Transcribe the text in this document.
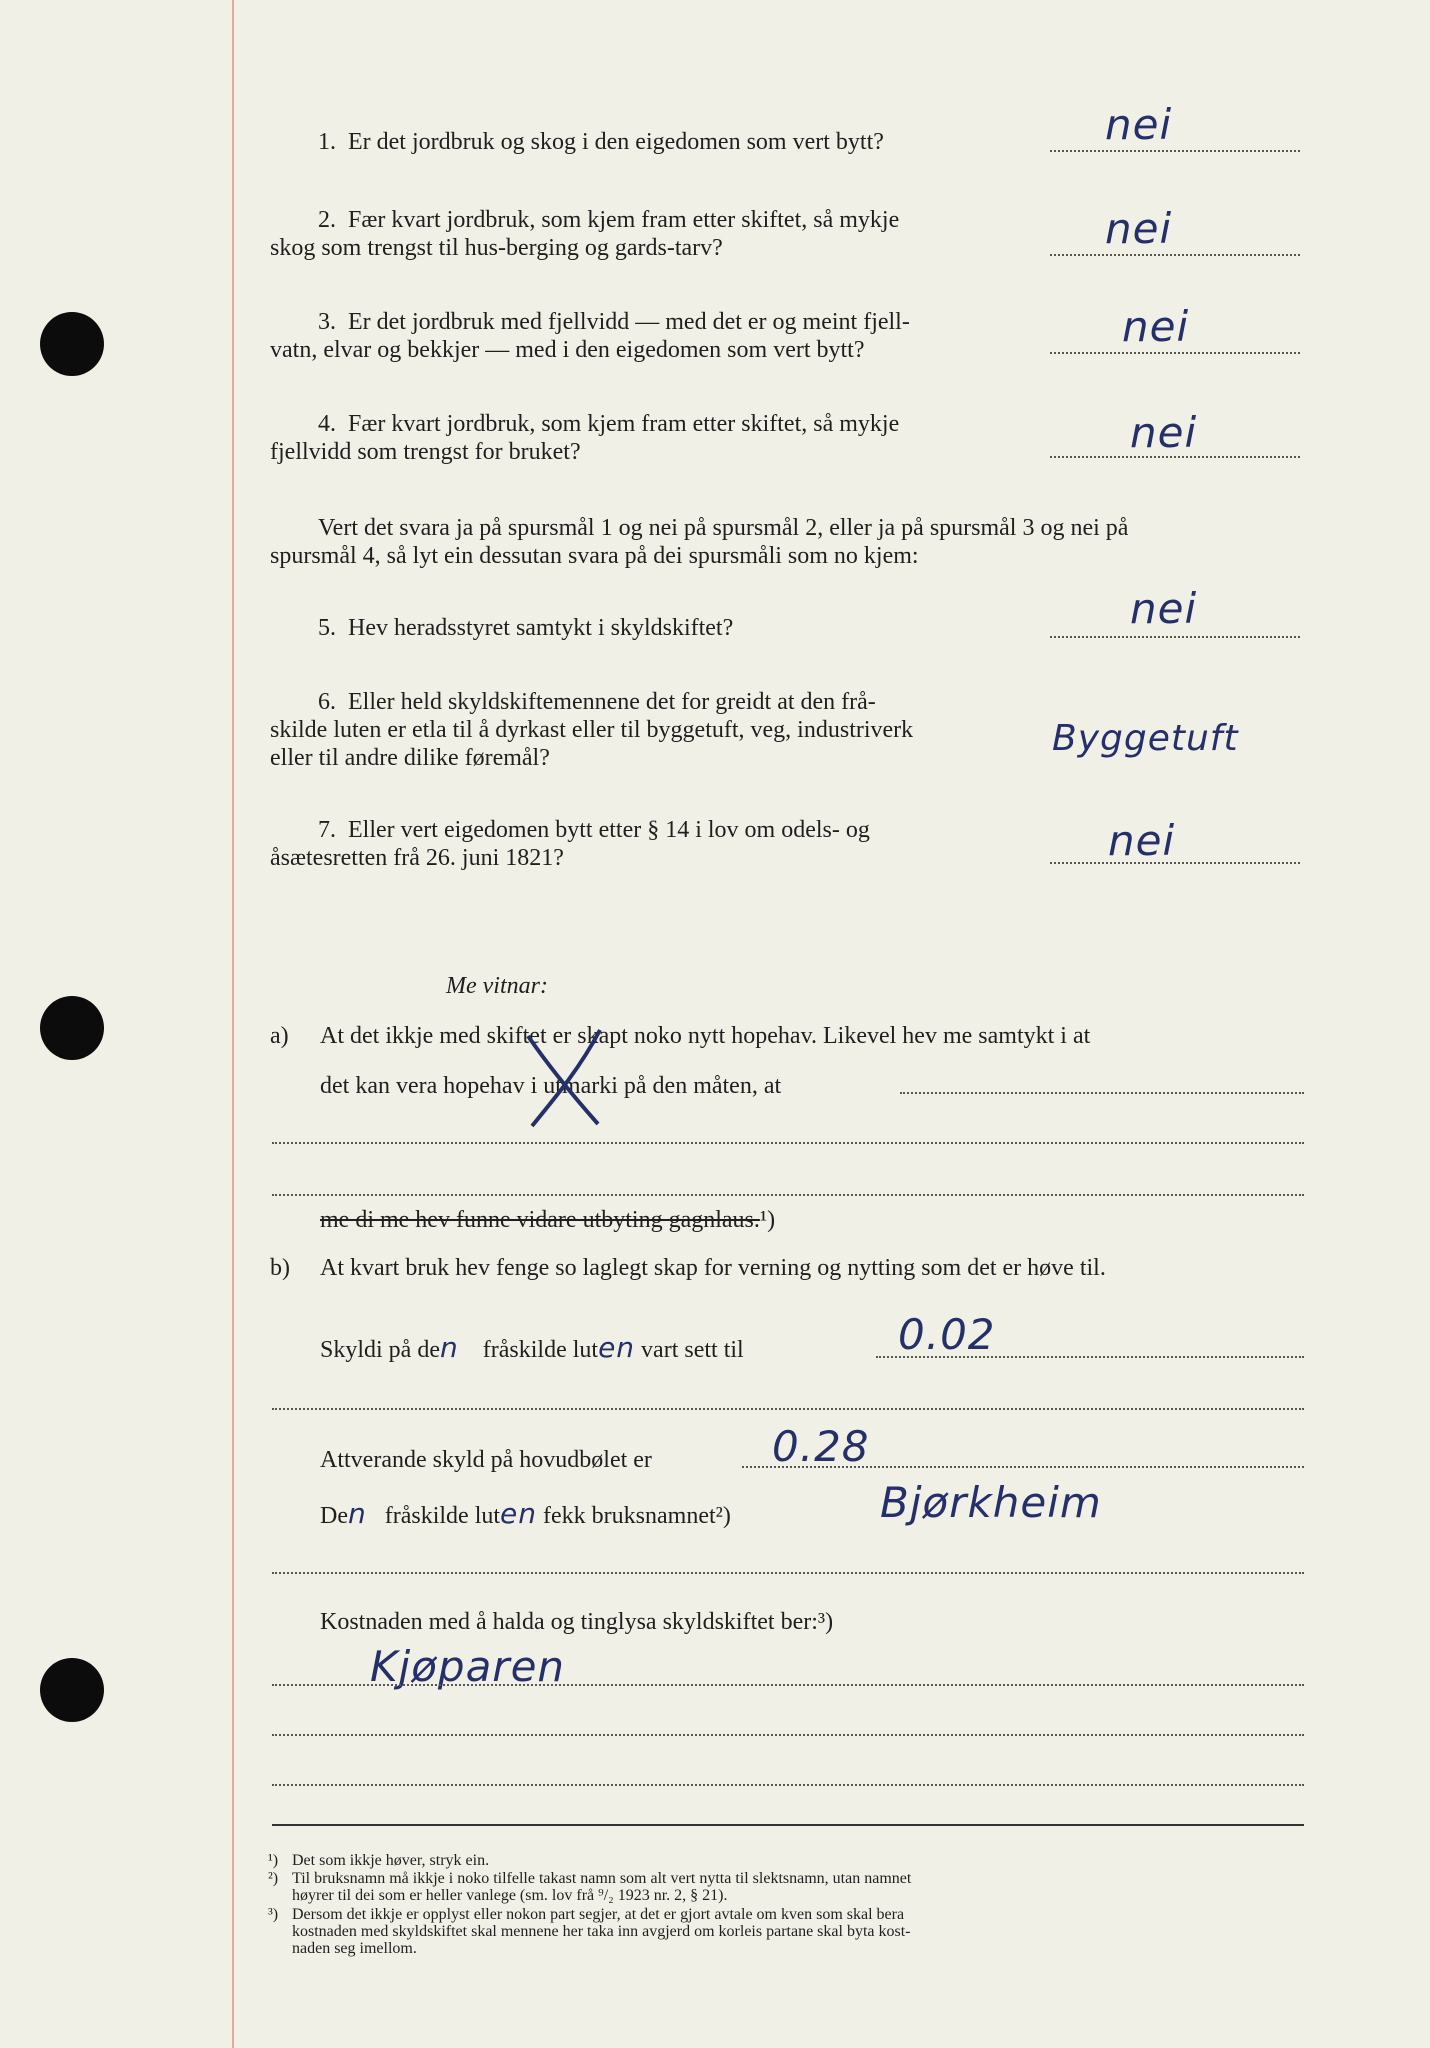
1. Er det jordbruk og skog i den eigedomen som vert bytt?	nei
2. Fær kvart jordbruk, som kjem fram etter skiftet, så mykje
skog som trengst til hus-berging og gards-tarv?	nei
3. Er det jordbruk med fjellvidd — med det er og meint fjell-
vatn, elvar og bekkjer — med i den eigedomen som vert bytt?	nei
4. Fær kvart jordbruk, som kjem fram etter skiftet, så mykje
fjellvidd som trengst for bruket?	nei
Vert det svara ja på spursmål 1 og nei på spursmål 2, eller ja på spursmål 3 og nei på
spursmål 4, så lyt ein dessutan svara på dei spursmåli som no kjem:
5. Hev heradsstyret samtykt i skyldskiftet?	nei
6. Eller held skyldskiftemennene det for greidt at den frå-
skilde luten er etla til å dyrkast eller til byggetuft, veg, industriverk
eller til andre dilike føremål?	Byggetuft
7. Eller vert eigedomen bytt etter § 14 i lov om odels- og
åsætesretten frå 26. juni 1821?	nei
Me vitnar:
a) At det ikkje med skiftet er skapt noko nytt hopehav. Likevel hev me samtykt i at
det kan vera hopehav i utmarki på den måten, at
me di me hev funne vidare utbyting gagnlaus.¹)
b) At kvart bruk hev fenge so laglegt skap for verning og nytting som det er høve til.
Skyldi på den fråskilde luten vart sett til	0.02
Attverande skyld på hovudbølet er	0.28
Den fråskilde luten fekk bruksnamnet²)	Bjørkheim
Kostnaden med å halda og tinglysa skyldskiftet ber:³)
Kjøparen
¹) Det som ikkje høver, stryk ein.
²) Til bruksnamn må ikkje i noko tilfelle takast namn som alt vert nytta til slektsnamn, utan namnet
høyrer til dei som er heller vanlege (sm. lov frå ⁹/₂ 1923 nr. 2, § 21).
³) Dersom det ikkje er opplyst eller nokon part segjer, at det er gjort avtale om kven som skal bera
kostnaden med skyldskiftet skal mennene her taka inn avgjerd om korleis partane skal byta kost-
naden seg imellom.
